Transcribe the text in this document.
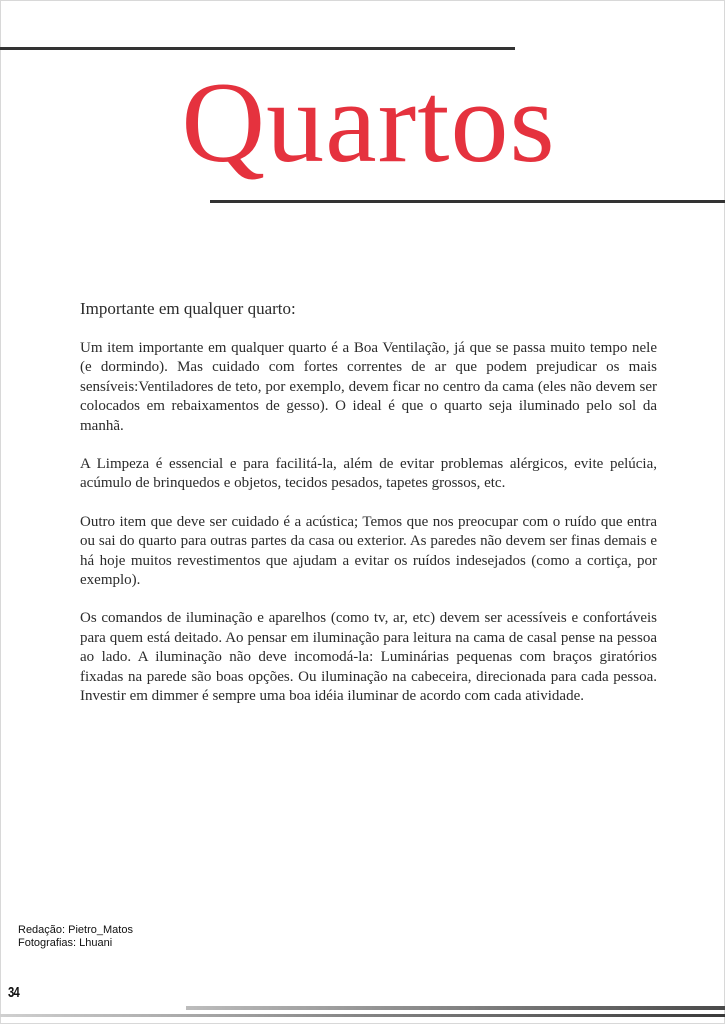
Quartos
Importante em qualquer quarto:

Um item importante em qualquer quarto é a Boa Ventilação, já que se passa muito tempo nele (e dormindo). Mas cuidado com fortes correntes de ar que podem prejudicar os mais sensíveis:Ventiladores de teto, por exemplo, devem ficar no centro da cama (eles não devem ser colocados em rebaixamentos de gesso). O ideal é que o quarto seja iluminado pelo sol da manhã.

A Limpeza é essencial e para facilitá-la, além de evitar problemas alérgicos, evite pelúcia, acúmulo de brinquedos e objetos, tecidos pesados, tapetes grossos, etc.

Outro item que deve ser cuidado é a acústica; Temos que nos preocupar com o ruído que entra ou sai do quarto para outras partes da casa ou exterior. As paredes não devem ser finas demais e há hoje muitos revestimentos que ajudam a evitar os ruídos indesejados (como a cortiça, por exemplo).

Os comandos de iluminação e aparelhos (como tv, ar, etc) devem ser acessíveis e confortáveis para quem está deitado. Ao pensar em iluminação para leitura na cama de casal pense na pessoa ao lado. A iluminação não deve incomodá-la: Luminárias pequenas com braços giratórios fixadas na parede são boas opções. Ou iluminação na cabeceira, direcionada para cada pessoa. Investir em dimmer é sempre uma boa idéia iluminar de acordo com cada atividade.

Redação: Pietro_Matos
Fotografias: Lhuani
34
